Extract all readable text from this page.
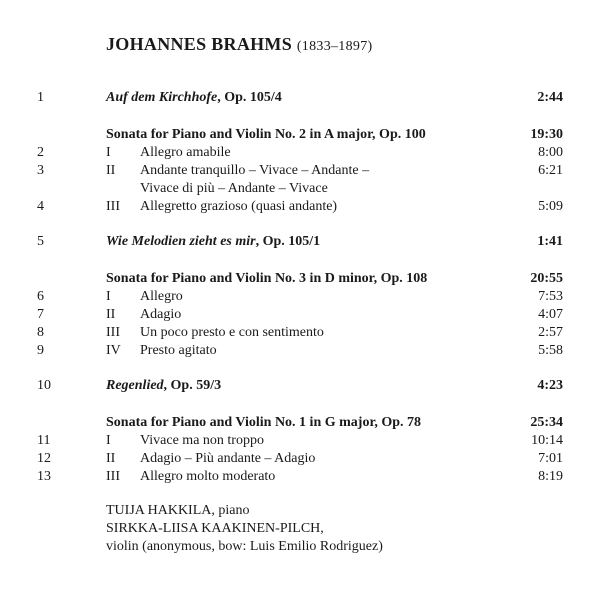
JOHANNES BRAHMS (1833–1897)
1	Auf dem Kirchhofe, Op. 105/4	2:44
Sonata for Piano and Violin No. 2 in A major, Op. 100	19:30
2	I Allegro amabile	8:00
3	II Andante tranquillo – Vivace – Andante –	6:21
Vivace di più – Andante – Vivace
4	III Allegretto grazioso (quasi andante)	5:09
5	Wie Melodien zieht es mir, Op. 105/1	1:41
Sonata for Piano and Violin No. 3 in D minor, Op. 108	20:55
6	I Allegro	7:53
7	II Adagio	4:07
8	III Un poco presto e con sentimento	2:57
9	IV Presto agitato	5:58
10	Regenlied, Op. 59/3	4:23
Sonata for Piano and Violin No. 1 in G major, Op. 78	25:34
11	I Vivace ma non troppo	10:14
12	II Adagio – Più andante – Adagio	7:01
13	III Allegro molto moderato	8:19
TUIJA HAKKILA, piano
SIRKKA-LIISA KAAKINEN-PILCH,
violin (anonymous, bow: Luis Emilio Rodriguez)
